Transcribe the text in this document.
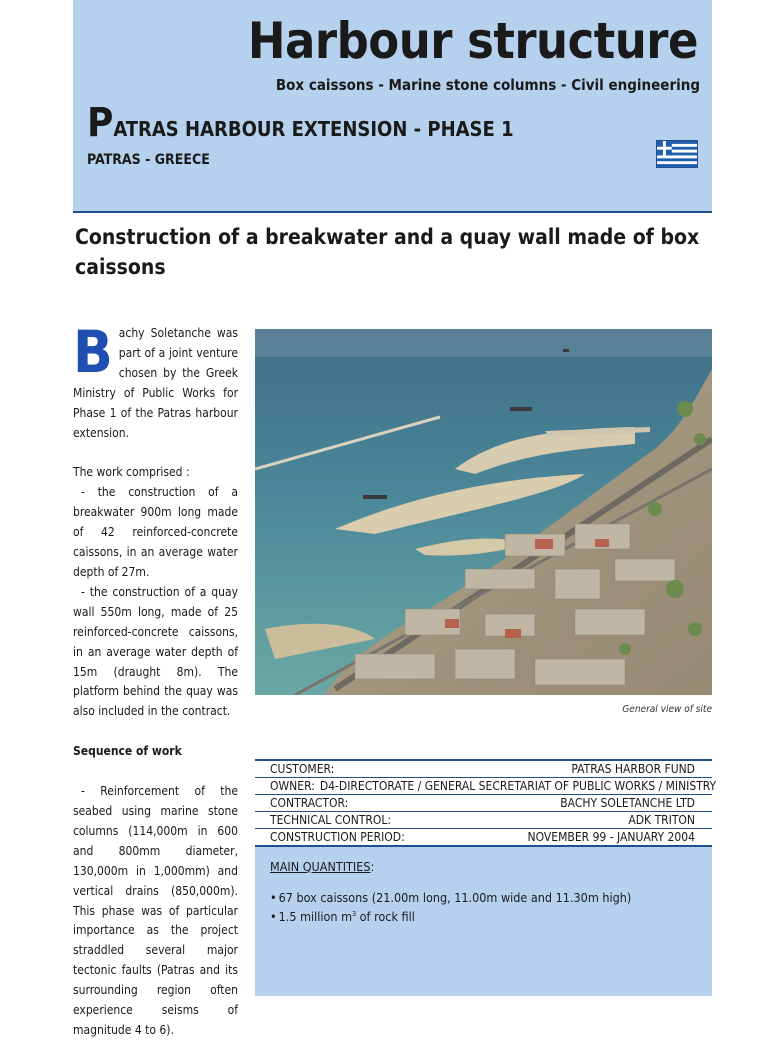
Harbour structure
Box caissons - Marine stone columns - Civil engineering
PATRAS HARBOUR EXTENSION - PHASE 1
PATRAS - GREECE
Construction of a breakwater and a quay wall made of box caissons

Bachy Soletanche was part of a joint venture chosen by the Greek Ministry of Public Works for Phase 1 of the Patras harbour extension.

The work comprised :
- the construction of a breakwater 900m long made of 42 reinforced-concrete caissons, in an average water depth of 27m.
- the construction of a quay wall 550m long, made of 25 reinforced-concrete caissons, in an average water depth of 15m (draught 8m). The platform behind the quay was also included in the contract.

Sequence of work

- Reinforcement of the seabed using marine stone columns (114,000m in 600 and 800mm diameter, 130,000m in 1,000mm) and vertical drains (850,000m). This phase was of particular importance as the project straddled several major tectonic faults (Patras and its surrounding region often experience seisms of magnitude 4 to 6).

General view of site
CUSTOMER:	PATRAS HARBOR FUND
OWNER: D4-DIRECTORATE / GENERAL SECRETARIAT OF PUBLIC WORKS / MINISTRY
CONTRACTOR:	BACHY SOLETANCHE LTD
TECHNICAL CONTROL:	ADK TRITON
CONSTRUCTION PERIOD:	NOVEMBER 99 - JANUARY 2004
MAIN QUANTITIES:
• 67 box caissons (21.00m long, 11.00m wide and 11.30m high)
• 1.5 million $m^3$ of rock fill
